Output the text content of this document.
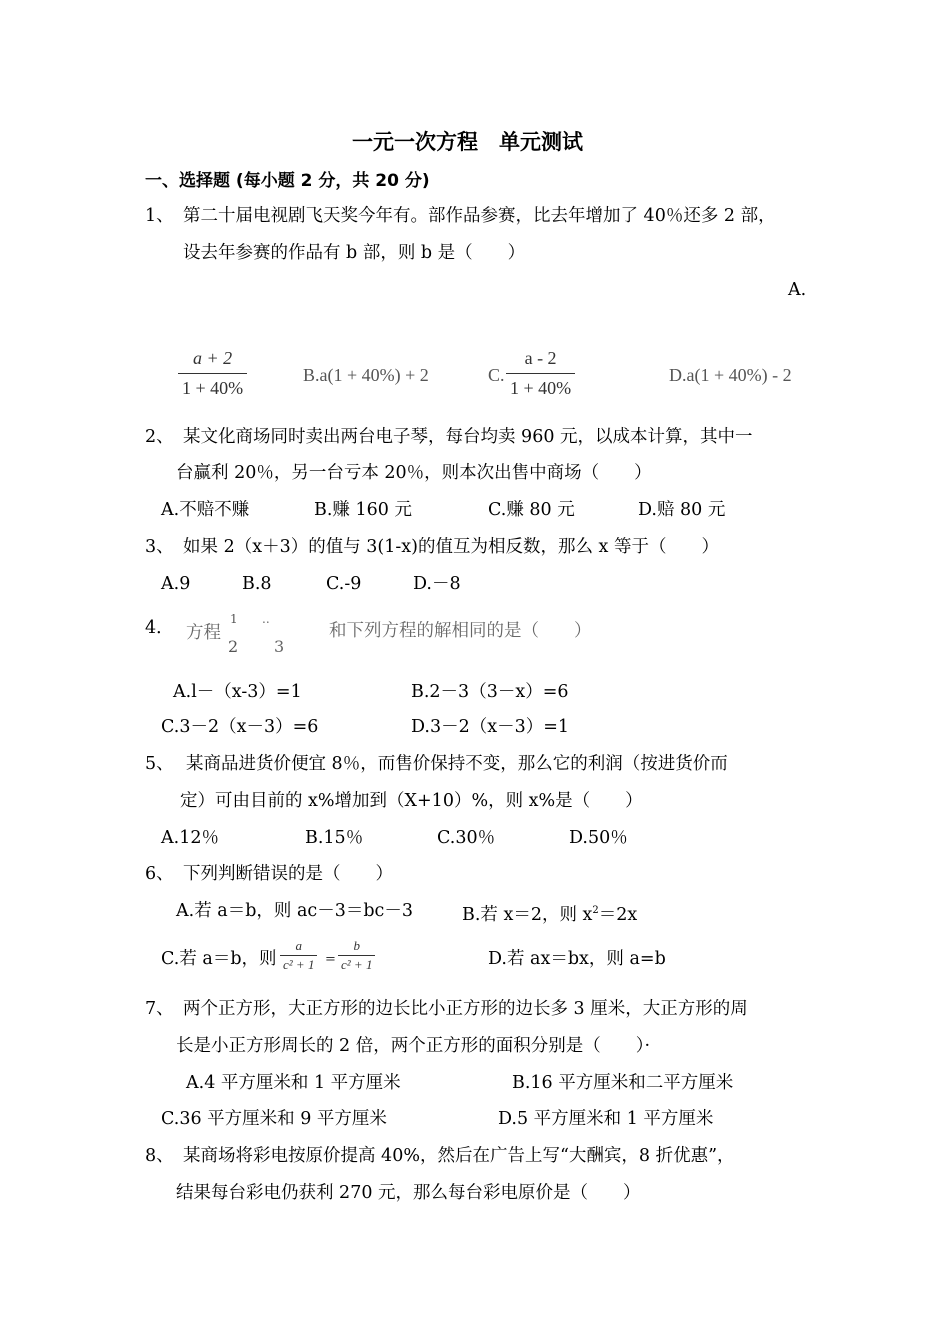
一元一次方程　单元测试
一、选择题 (每小题 2 分，共 20 分)
1、 第二十届电视剧飞天奖今年有。部作品参赛，比去年增加了 40％还多 2 部，
设去年参赛的作品有 b 部，则 b 是（　　）
A.
$\frac{a + 2}{1 + 40\%}$	B.a(1 + 40%) + 2	C. $\frac{a - 2}{1 + 40\%}$	D.a(1 + 40%) - 2
2、 某文化商场同时卖出两台电子琴，每台均卖 960 元，以成本计算，其中一
台赢利 20％，另一台亏本 20％，则本次出售中商场（　　）
A.不赔不赚	B.赚 160 元	C.赚 80 元	D.赔 80 元
3、 如果 2（x＋3）的值与 3(1-x)的值互为相反数，那么 x 等于（　　）
A.9	B.8	C.-9	D.－8
4． 方程
1
2
..
3
和下列方程的解相同的是（　　）
A.l－（x-3）=1	B.2－3（3－x）=6
C.3－2（x－3）=6	D.3－2（x－3）=1
5、 某商品进货价便宜 8％，而售价保持不变，那么它的利润（按进货价而
定）可由目前的 x%增加到（X+10）%，则 x%是（　　）
A.12％	B.15％	C.30％	D.50％
6、 下列判断错误的是（　　）
A.若 a＝b，则 ac－3＝bc－3	B.若 x＝2，则 $x^2=2x$
C.若 a＝b，则 $\frac{a}{\text{c² + 1}} = \frac{b}{\text{c² + 1}}$	D.若 ax＝bx，则 a=b
7、 两个正方形，大正方形的边长比小正方形的边长多 3 厘米，大正方形的周
长是小正方形周长的 2 倍，两个正方形的面积分别是（　　）·
A.4 平方厘米和 1 平方厘米	B.16 平方厘米和二平方厘米
C.36 平方厘米和 9 平方厘米	D.5 平方厘米和 1 平方厘米
8、 某商场将彩电按原价提高 40%，然后在广告上写“大酬宾，8 折优惠”，
结果每台彩电仍获利 270 元，那么每台彩电原价是（　　）
